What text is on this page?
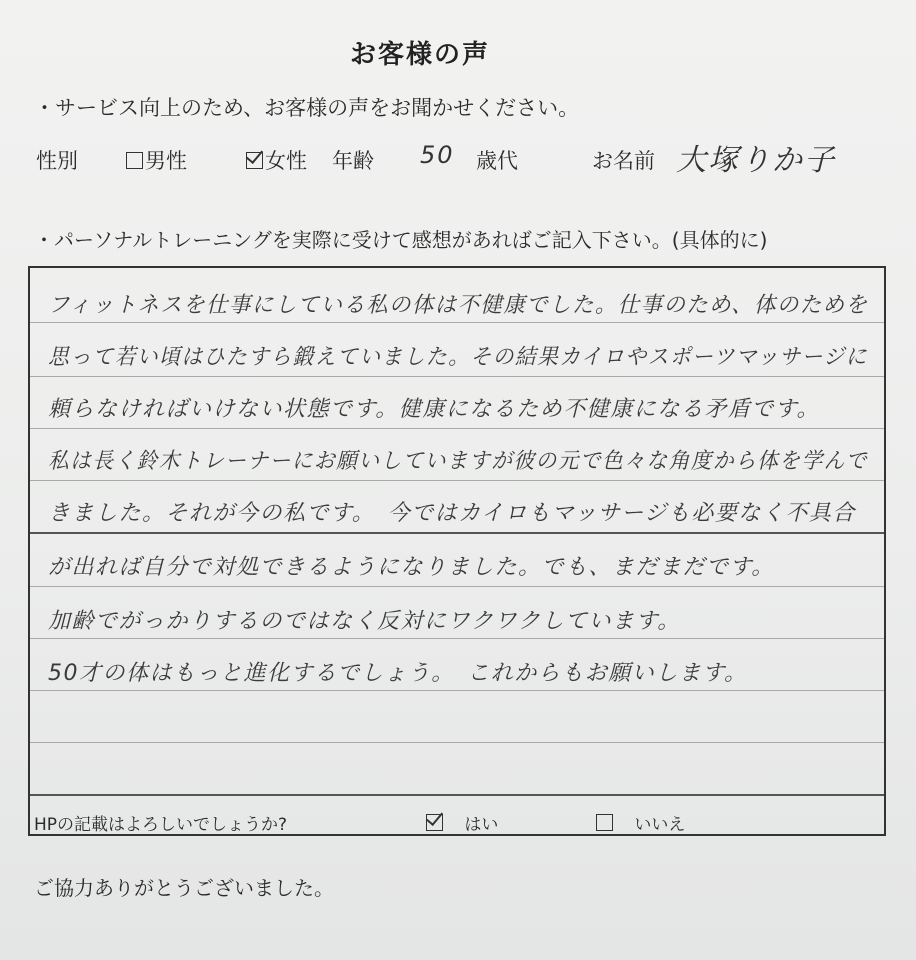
お客様の声
・サービス向上のため、お客様の声をお聞かせください。
性別	男性	女性 年齢 50 歳代	お名前 大塚りか子
・パーソナルトレーニングを実際に受けて感想があればご記入下さい。(具体的に)
フィットネスを仕事にしている私の体は不健康でした。仕事のため、体のためを
思って若い頃はひたすら鍛えていました。その結果カイロやスポーツマッサージに
頼らなければいけない状態です。健康になるため不健康になる矛盾です。
私は長く鈴木トレーナーにお願いしていますが彼の元で色々な角度から体を学んで
きました。それが今の私です。　今ではカイロもマッサージも必要なく不具合
が出れば自分で対処できるようになりました。でも、まだまだです。
加齢でがっかりするのではなく反対にワクワクしています。
50才の体はもっと進化するでしょう。　これからもお願いします。
HPの記載はよろしいでしょうか?	はい	いいえ
ご協力ありがとうございました。
